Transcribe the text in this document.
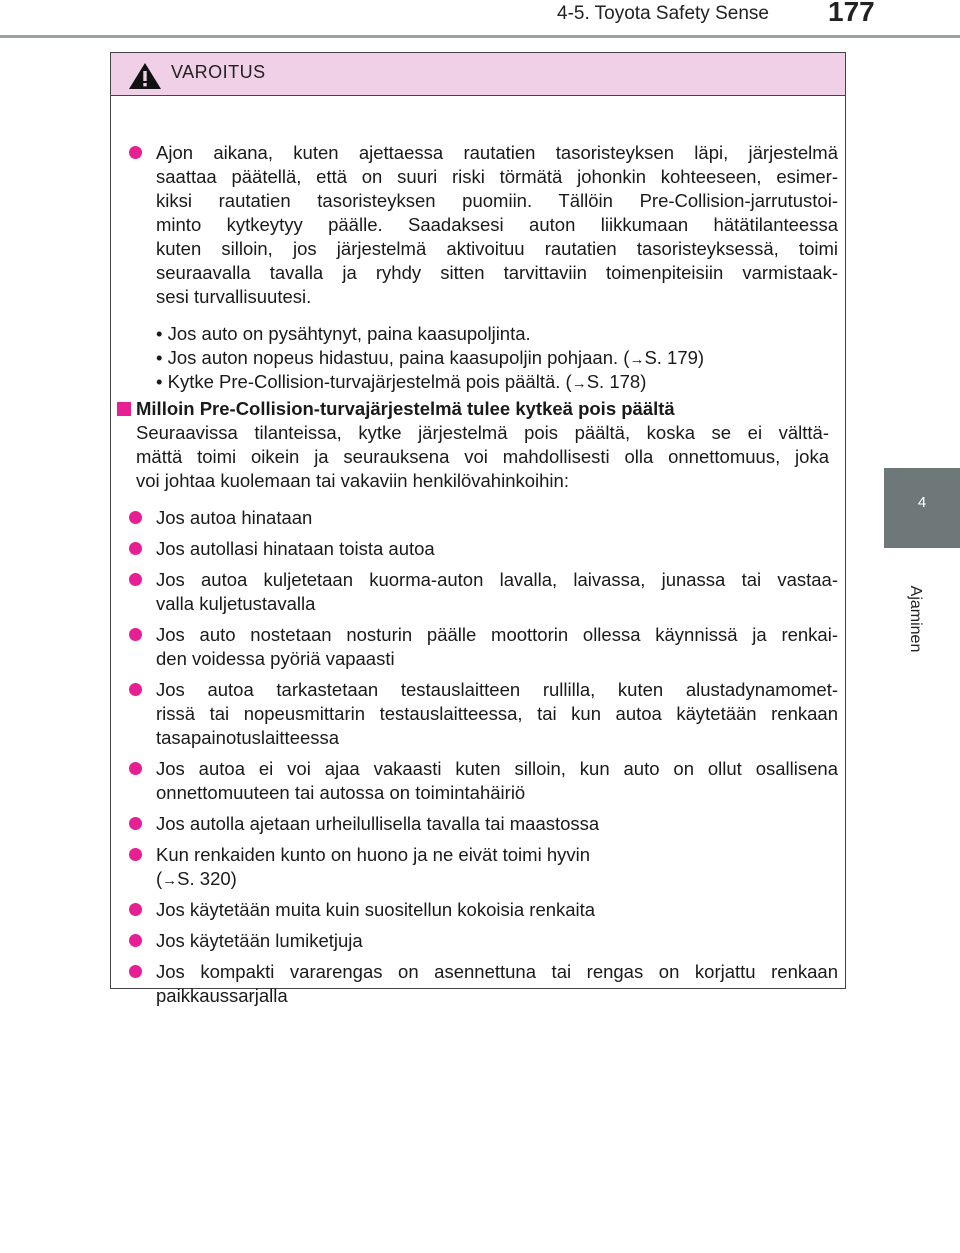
4-5. Toyota Safety Sense 177
4
Ajaminen
VAROITUS
Ajon aikana, kuten ajettaessa rautatien tasoristeyksen läpi, järjestelmä
saattaa päätellä, että on suuri riski törmätä johonkin kohteeseen, esimer-
kiksi rautatien tasoristeyksen puomiin. Tällöin Pre-Collision-jarrutustoi-
minto kytkeytyy päälle. Saadaksesi auton liikkumaan hätätilanteessa
kuten silloin, jos järjestelmä aktivoituu rautatien tasoristeyksessä, toimi
seuraavalla tavalla ja ryhdy sitten tarvittaviin toimenpiteisiin varmistaak-
sesi turvallisuutesi.
• Jos auto on pysähtynyt, paina kaasupoljinta.
• Jos auton nopeus hidastuu, paina kaasupoljin pohjaan. (→S. 179)
• Kytke Pre-Collision-turvajärjestelmä pois päältä. (→S. 178)
Milloin Pre-Collision-turvajärjestelmä tulee kytkeä pois päältä
Seuraavissa tilanteissa, kytke järjestelmä pois päältä, koska se ei välttä-
mättä toimi oikein ja seurauksena voi mahdollisesti olla onnettomuus, joka
voi johtaa kuolemaan tai vakaviin henkilövahinkoihin:
Jos autoa hinataan
Jos autollasi hinataan toista autoa
Jos autoa kuljetetaan kuorma-auton lavalla, laivassa, junassa tai vastaa-
valla kuljetustavalla
Jos auto nostetaan nosturin päälle moottorin ollessa käynnissä ja renkai-
den voidessa pyöriä vapaasti
Jos autoa tarkastetaan testauslaitteen rullilla, kuten alustadynamomet-
rissä tai nopeusmittarin testauslaitteessa, tai kun autoa käytetään renkaan
tasapainotuslaitteessa
Jos autoa ei voi ajaa vakaasti kuten silloin, kun auto on ollut osallisena
onnettomuuteen tai autossa on toimintahäiriö
Jos autolla ajetaan urheilullisella tavalla tai maastossa
Kun renkaiden kunto on huono ja ne eivät toimi hyvin
(→S. 320)
Jos käytetään muita kuin suositellun kokoisia renkaita
Jos käytetään lumiketjuja
Jos kompakti vararengas on asennettuna tai rengas on korjattu renkaan
paikkaussarjalla
